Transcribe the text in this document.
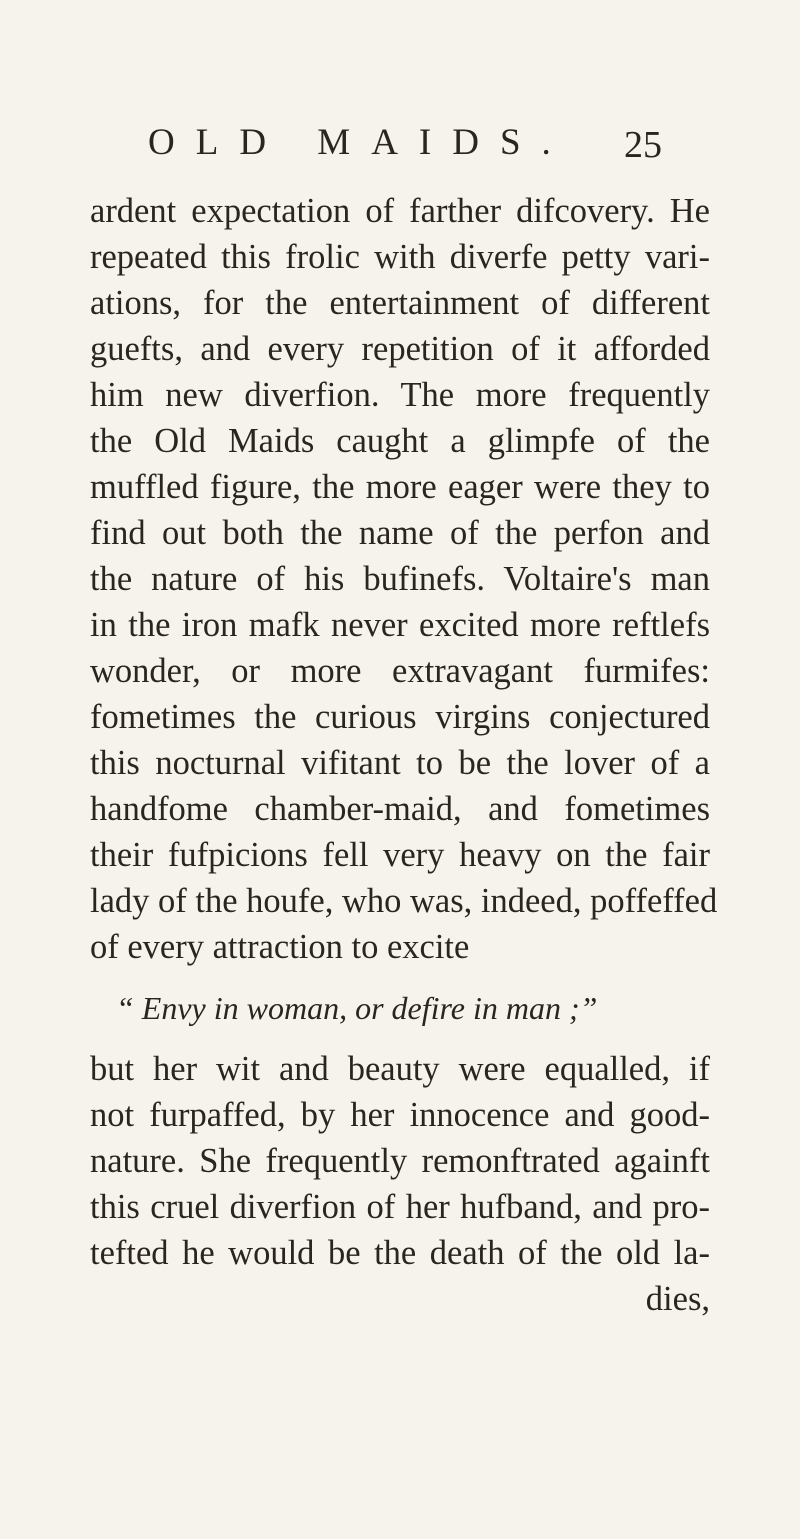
OLD MAIDS. 25
ardent expectation of farther difcovery. He
repeated this frolic with diverfe petty vari-
ations, for the entertainment of different
guefts, and every repetition of it afforded
him new diverfion. The more frequently
the Old Maids caught a glimpfe of the
muffled figure, the more eager were they to
find out both the name of the perfon and
the nature of his bufinefs. Voltaire's man
in the iron mafk never excited more reftlefs
wonder, or more extravagant furmifes:
fometimes the curious virgins conjectured
this nocturnal vifitant to be the lover of a
handfome chamber-maid, and fometimes
their fufpicions fell very heavy on the fair
lady of the houfe, who was, indeed, poffeffed
of every attraction to excite
“ Envy in woman, or defire in man ;”
but her wit and beauty were equalled, if
not furpaffed, by her innocence and good-
nature. She frequently remonftrated againft
this cruel diverfion of her hufband, and pro-
tefted he would be the death of the old la-
dies,
